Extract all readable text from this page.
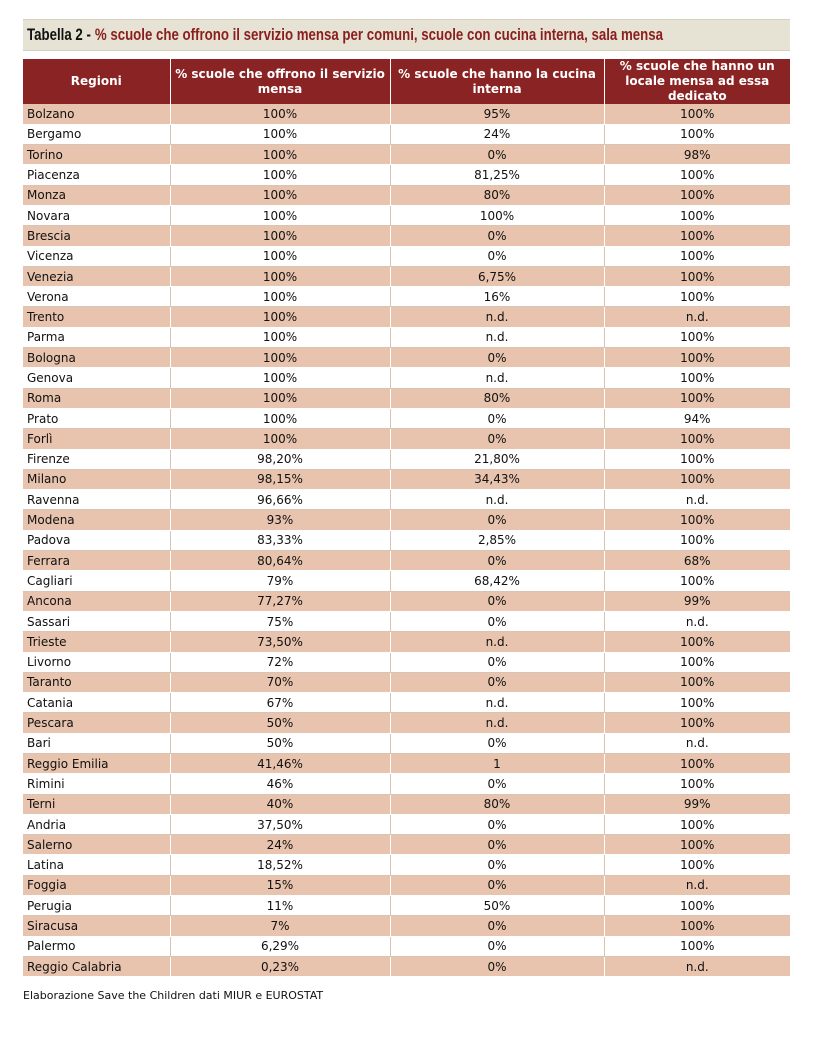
Tabella 2 - % scuole che offrono il servizio mensa per comuni, scuole con cucina interna, sala mensa
Regioni	% scuole che offrono il servizio mensa	% scuole che hanno la cucina interna	% scuole che hanno un locale mensa ad essa dedicato
Bolzano	100%	95%	100%
Bergamo	100%	24%	100%
Torino	100%	0%	98%
Piacenza	100%	81,25%	100%
Monza	100%	80%	100%
Novara	100%	100%	100%
Brescia	100%	0%	100%
Vicenza	100%	0%	100%
Venezia	100%	6,75%	100%
Verona	100%	16%	100%
Trento	100%	n.d.	n.d.
Parma	100%	n.d.	100%
Bologna	100%	0%	100%
Genova	100%	n.d.	100%
Roma	100%	80%	100%
Prato	100%	0%	94%
Forlì	100%	0%	100%
Firenze	98,20%	21,80%	100%
Milano	98,15%	34,43%	100%
Ravenna	96,66%	n.d.	n.d.
Modena	93%	0%	100%
Padova	83,33%	2,85%	100%
Ferrara	80,64%	0%	68%
Cagliari	79%	68,42%	100%
Ancona	77,27%	0%	99%
Sassari	75%	0%	n.d.
Trieste	73,50%	n.d.	100%
Livorno	72%	0%	100%
Taranto	70%	0%	100%
Catania	67%	n.d.	100%
Pescara	50%	n.d.	100%
Bari	50%	0%	n.d.
Reggio Emilia	41,46%	1	100%
Rimini	46%	0%	100%
Terni	40%	80%	99%
Andria	37,50%	0%	100%
Salerno	24%	0%	100%
Latina	18,52%	0%	100%
Foggia	15%	0%	n.d.
Perugia	11%	50%	100%
Siracusa	7%	0%	100%
Palermo	6,29%	0%	100%
Reggio Calabria	0,23%	0%	n.d.
Elaborazione Save the Children dati MIUR e EUROSTAT
